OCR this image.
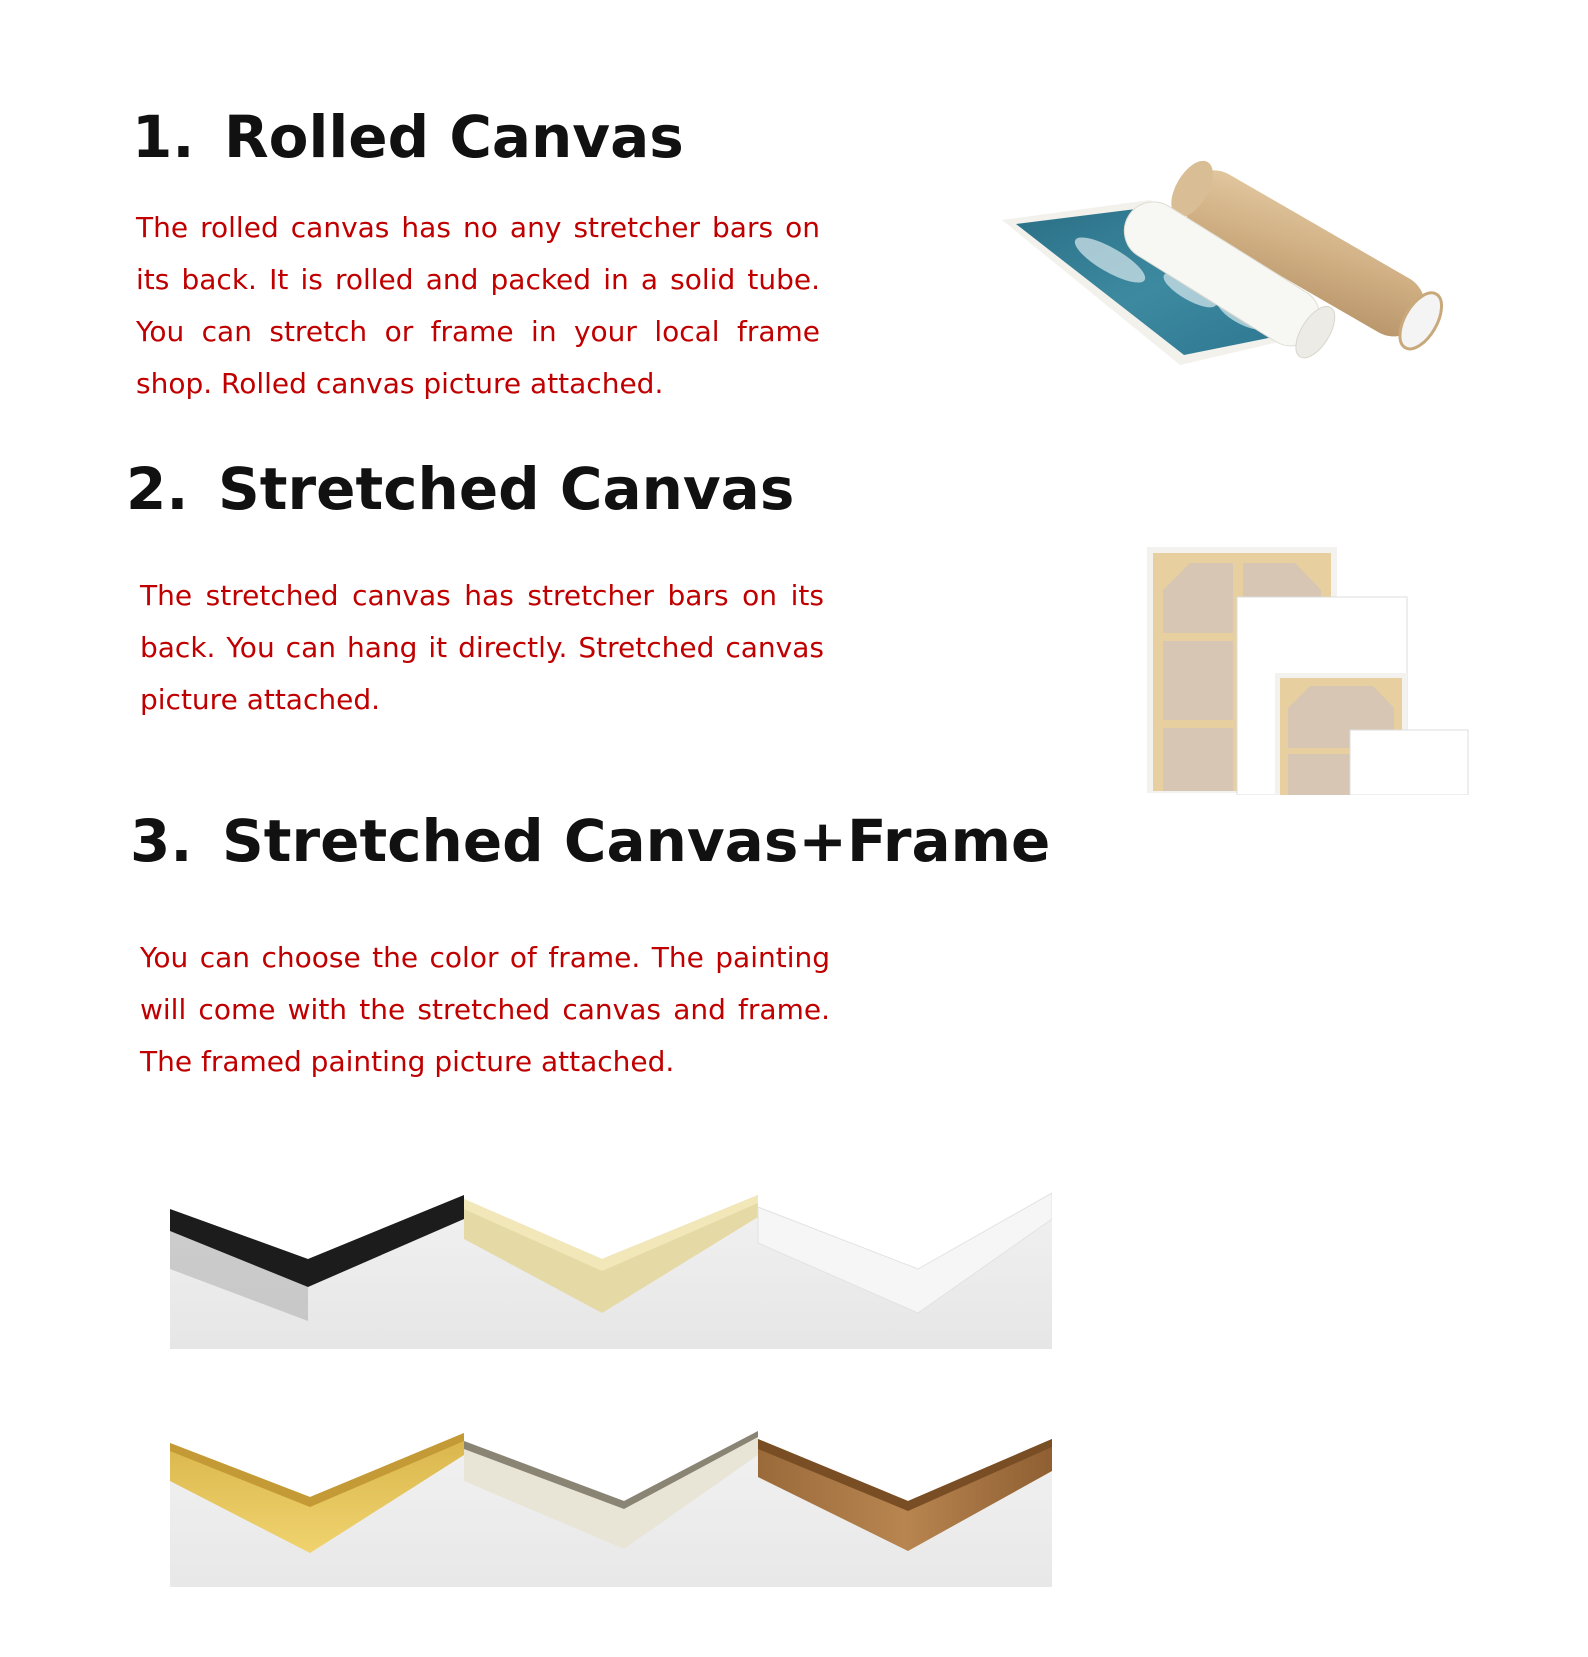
1. Rolled Canvas
The rolled canvas has no any stretcher bars on its back. It is rolled and packed in a solid tube. You can stretch or frame in your local frame shop. Rolled canvas picture attached.
2. Stretched Canvas
The stretched canvas has stretcher bars on its back. You can hang it directly. Stretched canvas picture attached.
3. Stretched Canvas+Frame
You can choose the color of frame. The painting will come with the stretched canvas and frame. The framed painting picture attached.
